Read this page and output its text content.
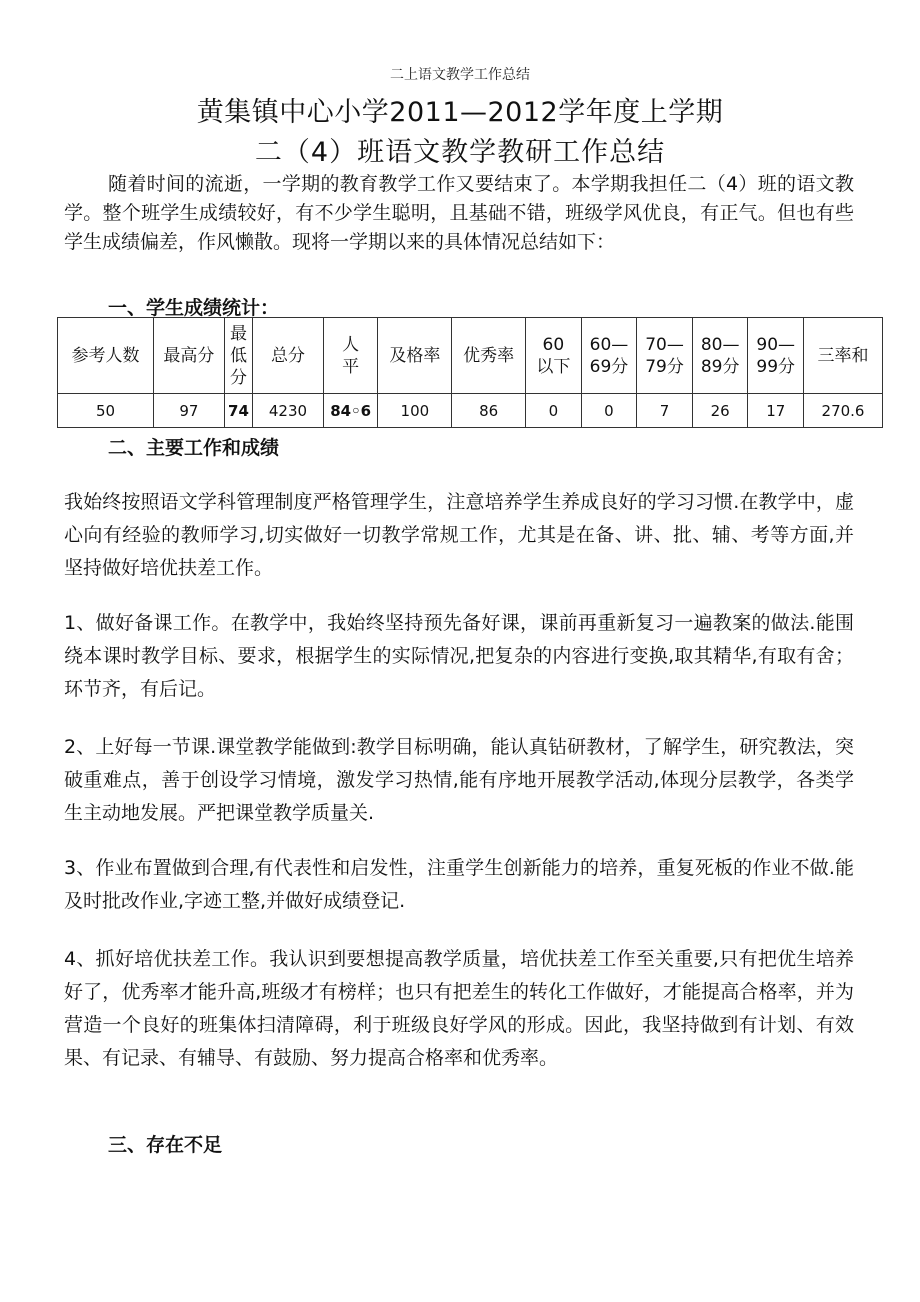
二上语文教学工作总结
黄集镇中心小学2011—2012学年度上学期
二（4）班语文教学教研工作总结
随着时间的流逝，一学期的教育教学工作又要结束了。本学期我担任二（4）班的语文教学。整个班学生成绩较好，有不少学生聪明，且基础不错，班级学风优良，有正气。但也有些学生成绩偏差，作风懒散。现将一学期以来的具体情况总结如下：
一、学生成绩统计：
参考人数	最高分	最低分	总分	人平	及格率	优秀率	60以下	60—69分	70—79分	80—89分	90—99分	三率和
50	97	74	4230	84◦6	100	86	0	0	7	26	17	270.6
二、主要工作和成绩
我始终按照语文学科管理制度严格管理学生，注意培养学生养成良好的学习习惯.在教学中，虚心向有经验的教师学习,切实做好一切教学常规工作，尤其是在备、讲、批、辅、考等方面,并坚持做好培优扶差工作。
1、做好备课工作。在教学中，我始终坚持预先备好课，课前再重新复习一遍教案的做法.能围绕本课时教学目标、要求，根据学生的实际情况,把复杂的内容进行变换,取其精华,有取有舍；环节齐，有后记。
2、上好每一节课.课堂教学能做到:教学目标明确，能认真钻研教材，了解学生，研究教法，突破重难点，善于创设学习情境，激发学习热情,能有序地开展教学活动,体现分层教学，各类学生主动地发展。严把课堂教学质量关.
3、作业布置做到合理,有代表性和启发性，注重学生创新能力的培养，重复死板的作业不做.能及时批改作业,字迹工整,并做好成绩登记.
4、抓好培优扶差工作。我认识到要想提高教学质量，培优扶差工作至关重要,只有把优生培养好了，优秀率才能升高,班级才有榜样；也只有把差生的转化工作做好，才能提高合格率，并为营造一个良好的班集体扫清障碍，利于班级良好学风的形成。因此，我坚持做到有计划、有效果、有记录、有辅导、有鼓励、努力提高合格率和优秀率。
三、存在不足
